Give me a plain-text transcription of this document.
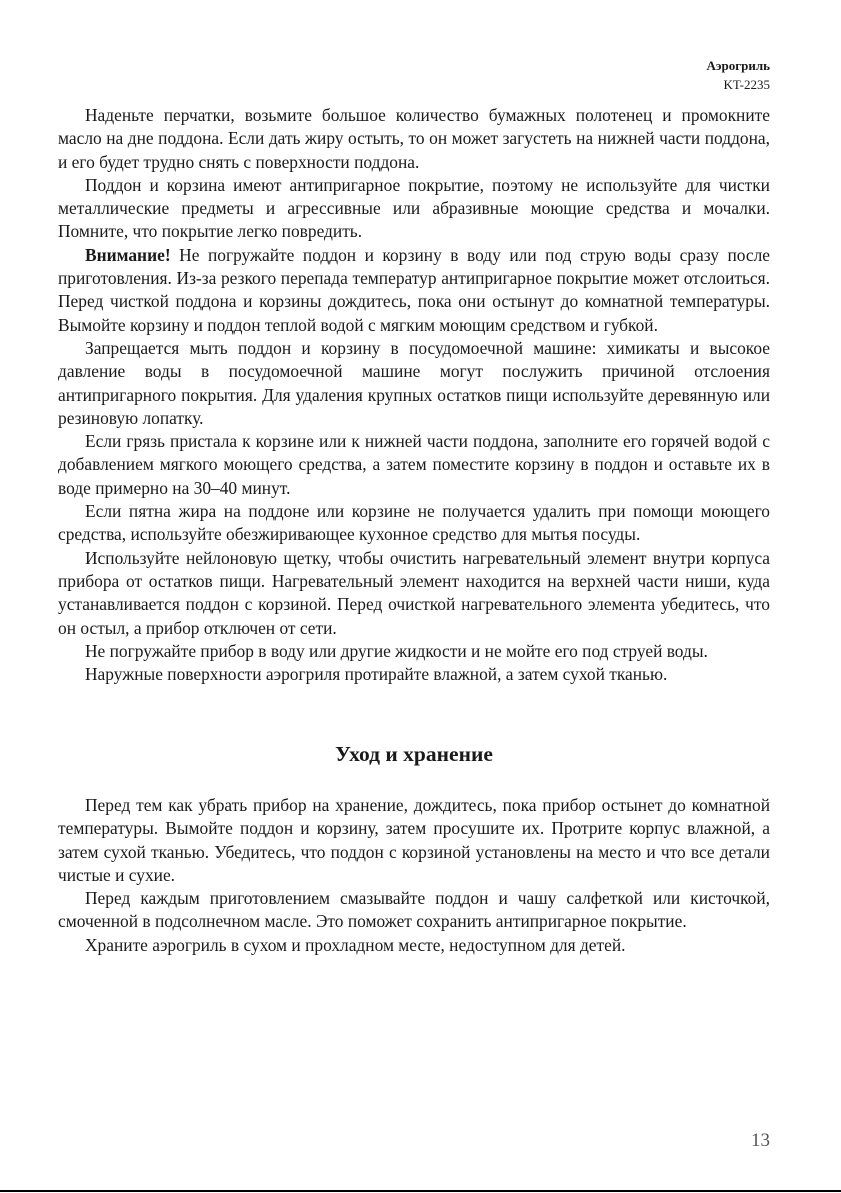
Аэрогриль
KT-2235

Наденьте перчатки, возьмите большое количество бумажных полотенец и промокните масло на дне поддона. Если дать жиру остыть, то он может загустеть на нижней части поддона, и его будет трудно снять с поверхности поддона.

Поддон и корзина имеют антипригарное покрытие, поэтому не используйте для чистки металлические предметы и агрессивные или абразивные моющие средства и мочалки. Помните, что покрытие легко повредить.

Внимание! Не погружайте поддон и корзину в воду или под струю воды сразу после приготовления. Из-за резкого перепада температур антипригарное покрытие может отслоиться. Перед чисткой поддона и корзины дождитесь, пока они остынут до комнатной температуры. Вымойте корзину и поддон теплой водой с мягким моющим средством и губкой.

Запрещается мыть поддон и корзину в посудомоечной машине: химикаты и высокое давление воды в посудомоечной машине могут послужить причиной отслоения антипригарного покрытия. Для удаления крупных остатков пищи используйте деревянную или резиновую лопатку.

Если грязь пристала к корзине или к нижней части поддона, заполните его горячей водой с добавлением мягкого моющего средства, а затем поместите корзину в поддон и оставьте их в воде примерно на 30–40 минут.

Если пятна жира на поддоне или корзине не получается удалить при помощи моющего средства, используйте обезжиривающее кухонное средство для мытья посуды.

Используйте нейлоновую щетку, чтобы очистить нагревательный элемент внутри корпуса прибора от остатков пищи. Нагревательный элемент находится на верхней части ниши, куда устанавливается поддон с корзиной. Перед очисткой нагревательного элемента убедитесь, что он остыл, а прибор отключен от сети.

Не погружайте прибор в воду или другие жидкости и не мойте его под струей воды.

Наружные поверхности аэрогриля протирайте влажной, а затем сухой тканью.

Уход и хранение

Перед тем как убрать прибор на хранение, дождитесь, пока прибор остынет до комнатной температуры. Вымойте поддон и корзину, затем просушите их. Протрите корпус влажной, а затем сухой тканью. Убедитесь, что поддон с корзиной установлены на место и что все детали чистые и сухие.

Перед каждым приготовлением смазывайте поддон и чашу салфеткой или кисточкой, смоченной в подсолнечном масле. Это поможет сохранить антипригарное покрытие.

Храните аэрогриль в сухом и прохладном месте, недоступном для детей.

13
